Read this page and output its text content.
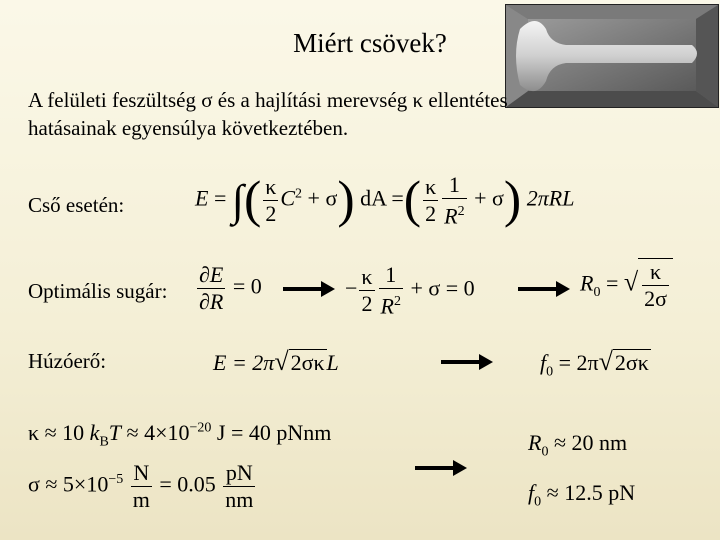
Miért csövek?
A felületi feszültség σ és a hajlítási merevség κ ellentétes hatásainak egyensúlya következtében.
Cső esetén:	E = ∫( $\frac{\kappa}{2} C^2 + \sigma$) dA =( $\frac{\kappa}{2} \frac{1}{R^2} + \sigma$) 2πRL
Optimális sugár: $\frac{\partial E}{\partial R} = 0$	− $\frac{\kappa}{2} \frac{1}{R^2} + \sigma = 0$	$R_0$ = √ $\frac{\kappa}{2\sigma}$
Húzóerő:	E = 2π√2σκL	$f_0 = 2\pi√2\sigma\kappa$
κ ≈ 10 $k_BT \approx 4\times 10^{-20}$ J = 40 pNnm
$\sigma \approx 5\times 10^{-5} \frac{N}{m} = 0.05 \frac{pN}{nm}$
$R_0 \approx 20$ nm
$f_0 \approx 12.5$ pN
